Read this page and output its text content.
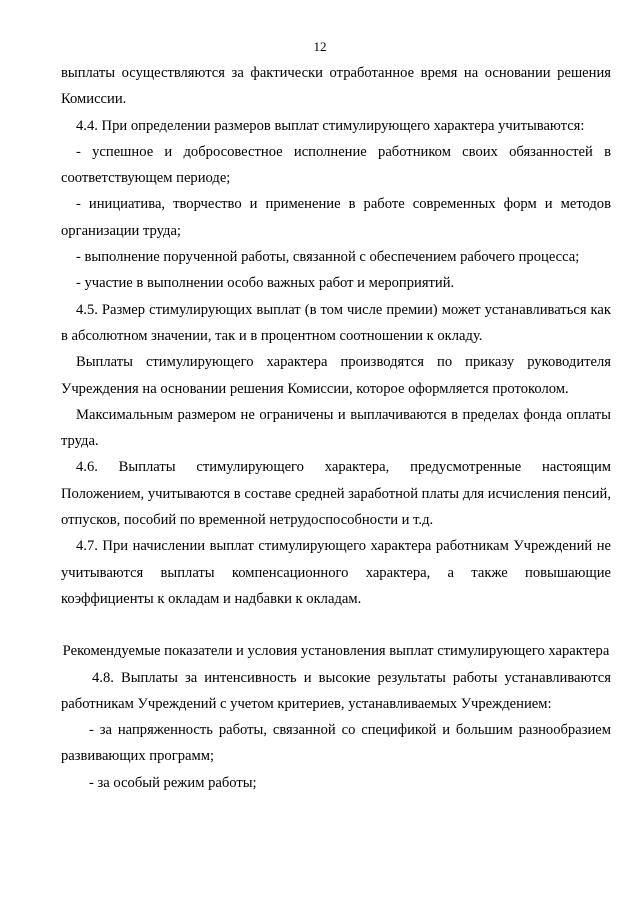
12

выплаты осуществляются за фактически отработанное время на основании решения Комиссии.

4.4. При определении размеров выплат стимулирующего характера учитываются:

- успешное и добросовестное исполнение работником своих обязанностей в соответствующем периоде;

- инициатива, творчество и применение в работе современных форм и методов организации труда;

- выполнение порученной работы, связанной с обеспечением рабочего процесса;

- участие в выполнении особо важных работ и мероприятий.

4.5. Размер стимулирующих выплат (в том числе премии) может устанавливаться как в абсолютном значении, так и в процентном соотношении к окладу.

Выплаты стимулирующего характера производятся по приказу руководителя Учреждения на основании решения Комиссии, которое оформляется протоколом.

Максимальным размером не ограничены и выплачиваются в пределах фонда оплаты труда.

4.6. Выплаты стимулирующего характера, предусмотренные настоящим Положением, учитываются в составе средней заработной платы для исчисления пенсий, отпусков, пособий по временной нетрудоспособности и т.д.

4.7. При начислении выплат стимулирующего характера работникам Учреждений не учитываются выплаты компенсационного характера, а также повышающие коэффициенты к окладам и надбавки к окладам.

Рекомендуемые показатели и условия установления выплат стимулирующего характера

4.8. Выплаты за интенсивность и высокие результаты работы устанавливаются работникам Учреждений с учетом критериев, устанавливаемых Учреждением:

- за напряженность работы, связанной со спецификой и большим разнообразием развивающих программ;

- за особый режим работы;
